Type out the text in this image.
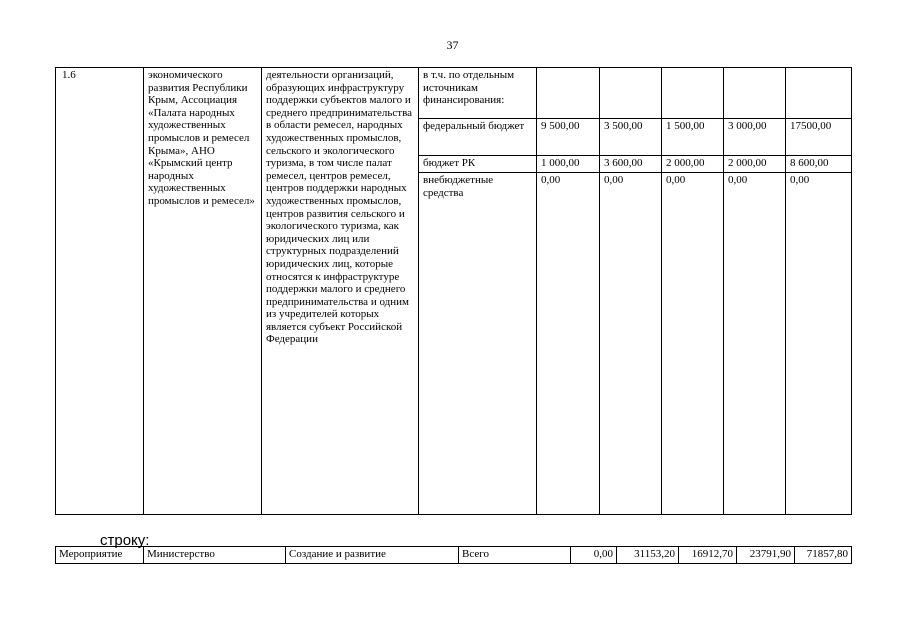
37
1.6	экономического развития Республики Крым, Ассоциация «Палата народных художественных промыслов и ремесел Крыма», АНО «Крымский центр народных художественных промыслов и ремесел»	деятельности организаций, образующих инфраструктуру поддержки субъектов малого и среднего предпринимательства в области ремесел, народных художественных промыслов, сельского и экологического туризма, в том числе палат ремесел, центров ремесел, центров поддержки народных художественных промыслов, центров развития сельского и экологического туризма, как юридических лиц или структурных подразделений юридических лиц, которые относятся к инфраструктуре поддержки малого и среднего предпринимательства и одним из учредителей которых является субъект Российской Федерации	в т.ч. по отдельным источникам финансирования:					
			федеральный бюджет	9 500,00	3 500,00	1 500,00	3 000,00	17500,00
			бюджет РК	1 000,00	3 600,00	2 000,00	2 000,00	8 600,00
			внебюджетные средства	0,00	0,00	0,00	0,00	0,00
строку:
Мероприятие	Министерство	Создание и развитие	Всего	0,00	31153,20	16912,70	23791,90	71857,80
